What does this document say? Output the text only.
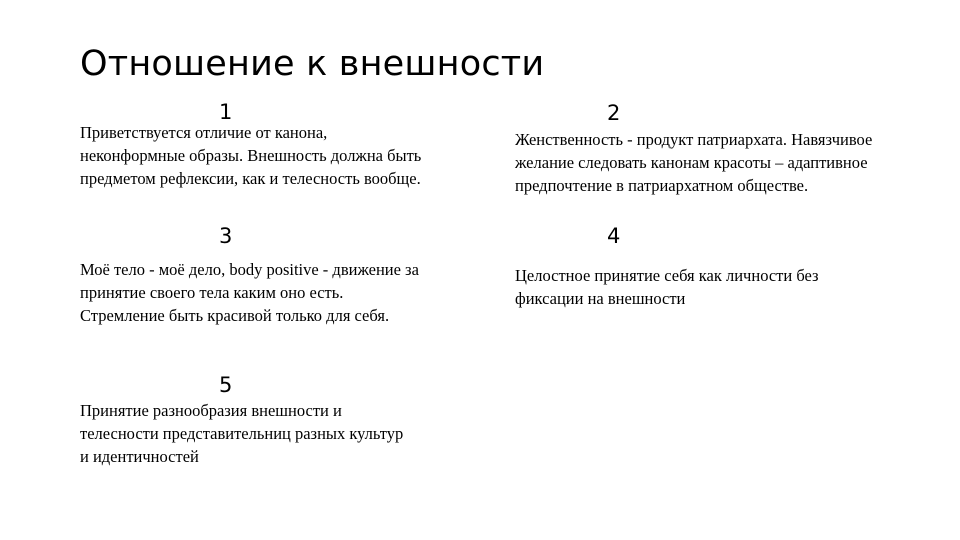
Отношение к внешности
1
Приветствуется отличие от канона,
неконформные образы. Внешность должна быть
предметом рефлексии, как и телесность вообще.
2
Женственность - продукт патриархата. Навязчивое
желание следовать канонам красоты – адаптивное
предпочтение в патриархатном обществе.
3
Моё тело - моё дело, body positive - движение за
принятие своего тела каким оно есть.
Стремление быть красивой только для себя.
4
Целостное принятие себя как личности без
фиксации на внешности
5
Принятие разнообразия внешности и
телесности представительниц разных культур
и идентичностей
